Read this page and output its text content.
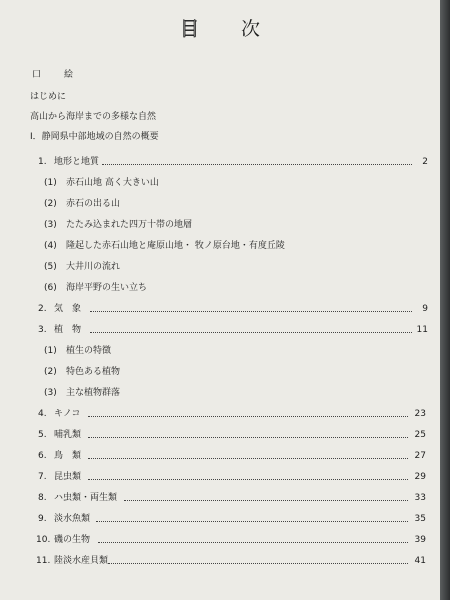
目 次
口　絵
はじめに
高山から海岸までの多様な自然
Ⅰ．静岡県中部地域の自然の概要
1. 地形と地質	2
(1) 赤石山地 高く大きい山
(2) 赤石の出る山
(3) たたみ込まれた四万十帯の地層
(4) 隆起した赤石山地と庵原山地・ 牧ノ原台地・有度丘陵
(5) 大井川の流れ
(6) 海岸平野の生い立ち
2. 気　象	9
3. 植　物	11
(1) 植生の特徴
(2) 特色ある植物
(3) 主な植物群落
4. キノコ	23
5. 哺乳類	25
6. 鳥　類	27
7. 昆虫類	29
8. ハ虫類・両生類	33
9. 淡水魚類	35
10. 磯の生物	39
11. 陸淡水産貝類	41
